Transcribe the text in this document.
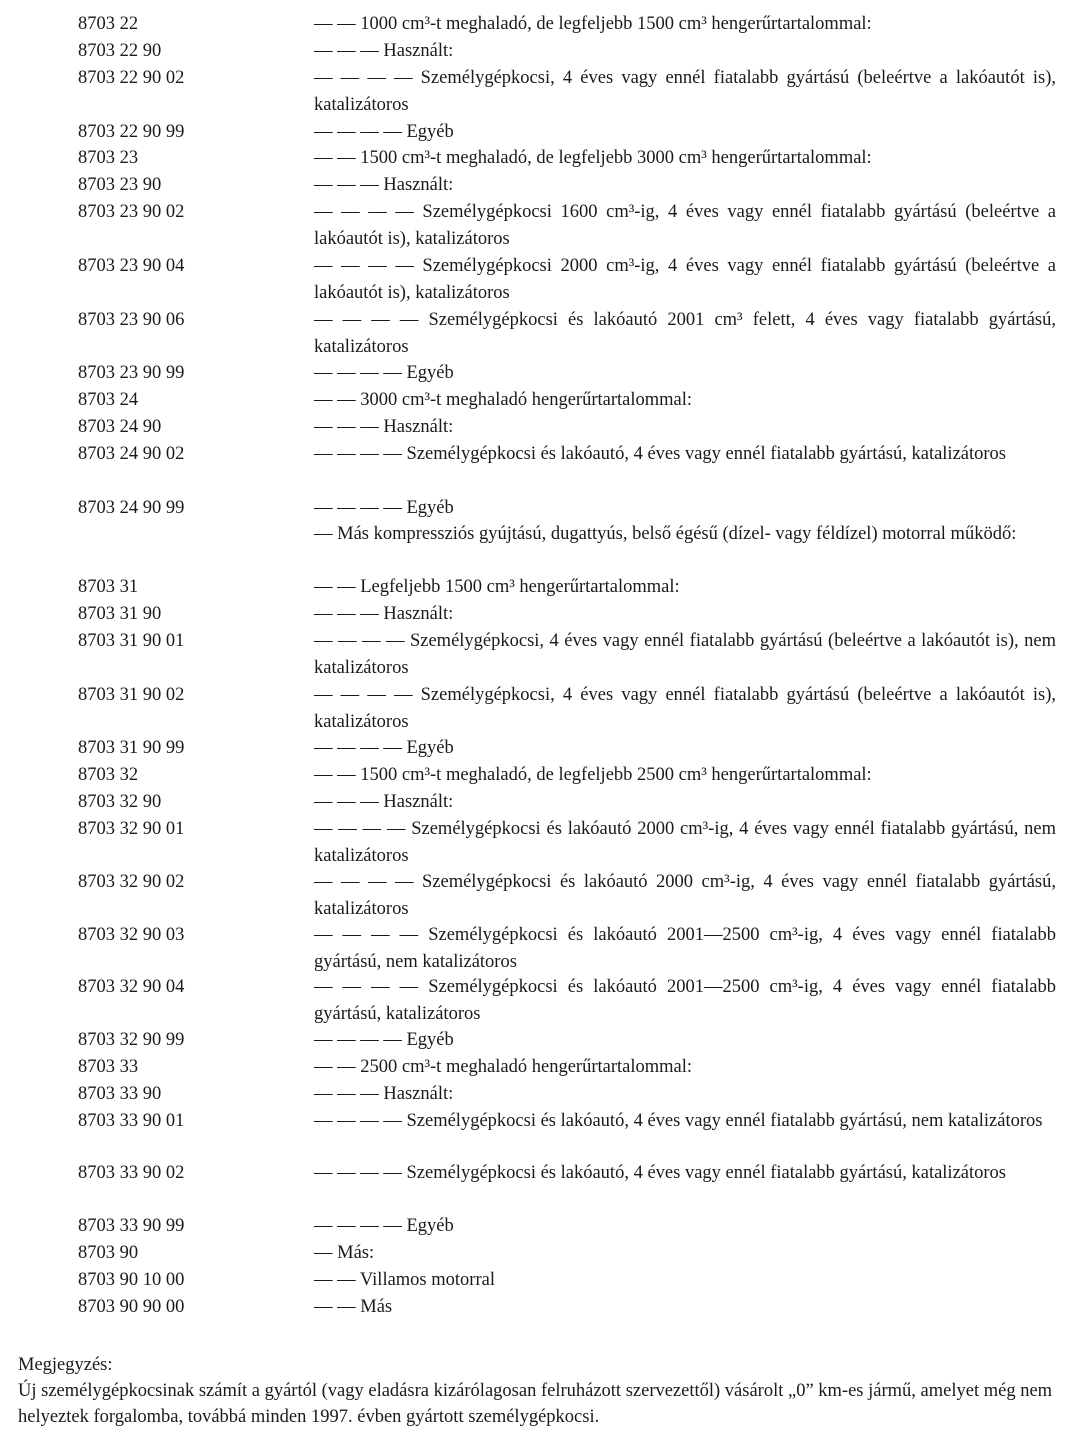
8703 22	— — 1000 cm³-t meghaladó, de legfeljebb 1500 cm³ hengerűrtartalommal:
8703 22 90	— — — Használt:
8703 22 90 02	— — — — Személygépkocsi, 4 éves vagy ennél fiatalabb gyártású (beleértve a lakóautót is), katalizátoros
8703 22 90 99	— — — — Egyéb
8703 23	— — 1500 cm³-t meghaladó, de legfeljebb 3000 cm³ hengerűrtartalommal:
8703 23 90	— — — Használt:
8703 23 90 02	— — — — Személygépkocsi 1600 cm³-ig, 4 éves vagy ennél fiatalabb gyártású (beleértve a lakóautót is), katalizátoros
8703 23 90 04	— — — — Személygépkocsi 2000 cm³-ig, 4 éves vagy ennél fiatalabb gyártású (beleértve a lakóautót is), katalizátoros
8703 23 90 06	— — — — Személygépkocsi és lakóautó 2001 cm³ felett, 4 éves vagy fiatalabb gyártású, katalizátoros
8703 23 90 99	— — — — Egyéb
8703 24	— — 3000 cm³-t meghaladó hengerűrtartalommal:
8703 24 90	— — — Használt:
8703 24 90 02	— — — — Személygépkocsi és lakóautó, 4 éves vagy ennél fiatalabb gyártású, katalizátoros
8703 24 90 99	— — — — Egyéb
— Más kompressziós gyújtású, dugattyús, belső égésű (dízel- vagy féldízel) motorral működő:
8703 31	— — Legfeljebb 1500 cm³ hengerűrtartalommal:
8703 31 90	— — — Használt:
8703 31 90 01	— — — — Személygépkocsi, 4 éves vagy ennél fiatalabb gyártású (beleértve a lakóautót is), nem katalizátoros
8703 31 90 02	— — — — Személygépkocsi, 4 éves vagy ennél fiatalabb gyártású (beleértve a lakóautót is), katalizátoros
8703 31 90 99	— — — — Egyéb
8703 32	— — 1500 cm³-t meghaladó, de legfeljebb 2500 cm³ hengerűrtartalommal:
8703 32 90	— — — Használt:
8703 32 90 01	— — — — Személygépkocsi és lakóautó 2000 cm³-ig, 4 éves vagy ennél fiatalabb gyártású, nem katalizátoros
8703 32 90 02	— — — — Személygépkocsi és lakóautó 2000 cm³-ig, 4 éves vagy ennél fiatalabb gyártású, katalizátoros
8703 32 90 03	— — — — Személygépkocsi és lakóautó 2001—2500 cm³-ig, 4 éves vagy ennél fiatalabb gyártású, nem katalizátoros
8703 32 90 04	— — — — Személygépkocsi és lakóautó 2001—2500 cm³-ig, 4 éves vagy ennél fiatalabb gyártású, katalizátoros
8703 32 90 99	— — — — Egyéb
8703 33	— — 2500 cm³-t meghaladó hengerűrtartalommal:
8703 33 90	— — — Használt:
8703 33 90 01	— — — — Személygépkocsi és lakóautó, 4 éves vagy ennél fiatalabb gyártású, nem katalizátoros
8703 33 90 02	— — — — Személygépkocsi és lakóautó, 4 éves vagy ennél fiatalabb gyártású, katalizátoros
8703 33 90 99	— — — — Egyéb
8703 90	— Más:
8703 90 10 00	— — Villamos motorral
8703 90 90 00	— — Más
Megjegyzés:
Új személygépkocsinak számít a gyártól (vagy eladásra kizárólagosan felruházott szervezettől) vásárolt „0” km-es jármű, amelyet még nem helyeztek forgalomba, továbbá minden 1997. évben gyártott személygépkocsi.
